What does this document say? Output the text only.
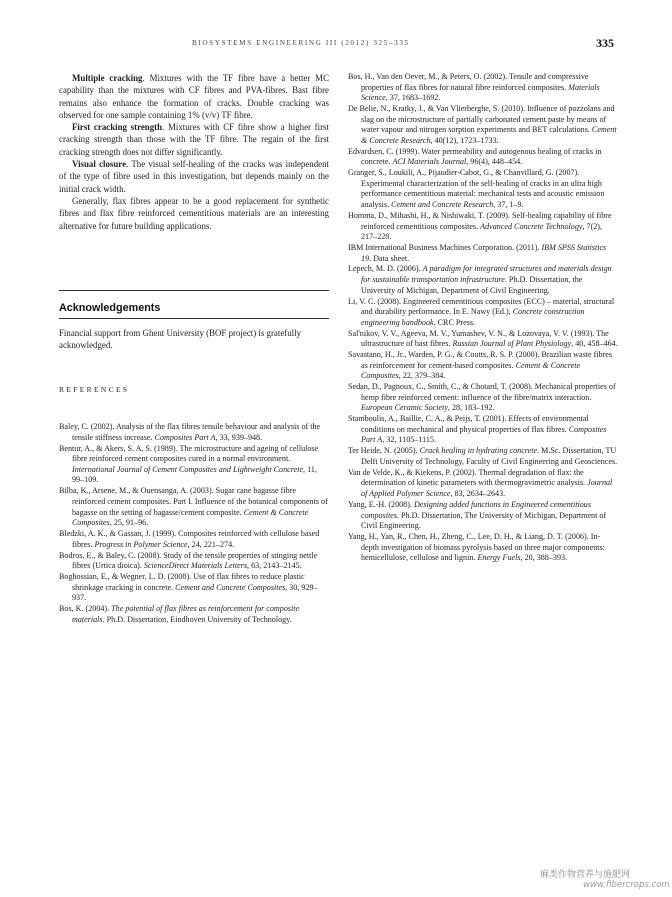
BIOSYSTEMS ENGINEERING III (2012) 325–335	335

Multiple cracking. Mixtures with the TF fibre have a better MC capability than the mixtures with CF fibres and PVA-fibres. Bast fibre remains also enhance the formation of cracks. Double cracking was observed for one sample containing 1% (v/v) TF fibre.

First cracking strength. Mixtures with CF fibre show a higher first cracking strength than those with the TF fibre. The regain of the first cracking strength does not differ significantly.

Visual closure. The visual self-healing of the cracks was independent of the type of fibre used in this investigation, but depends mainly on the initial crack width.

Generally, flax fibres appear to be a good replacement for synthetic fibres and flax fibre reinforced cementitious materials are an interesting alternative for future building applications.

Acknowledgements

Financial support from Ghent University (BOF project) is gratefully acknowledged.

REFERENCES

Baley, C. (2002). Analysis of the flax fibres tensile behaviour and analysis of the tensile stiffness increase. Composites Part A, 33, 939–948.

Bentur, A., & Akers, S. A. S. (1989). The microstructure and ageing of cellulose fibre reinforced cement composites cured in a normal environment. International Journal of Cement Composites and Lightweight Concrete, 11, 99–109.

Bilba, K., Arsene, M., & Ouensanga, A. (2003). Sugar cane bagasse fibre reinforced cement composites. Part I. Influence of the botanical components of bagasse on the setting of bagasse/cement composite. Cement & Concrete Composites, 25, 91–96.

Bledzki, A. K., & Gassan, J. (1999). Composites reinforced with cellulose based fibres. Progress in Polymer Science, 24, 221–274.

Bodros, E., & Baley, C. (2008). Study of the tensile properties of stinging nettle fibres (Urtica dioica). ScienceDirect Materials Letters, 63, 2143–2145.

Boghossian, E., & Wegner, L. D. (2008). Use of flax fibres to reduce plastic shrinkage cracking in concrete. Cement and Concrete Composites, 30, 929–937.

Bos, K. (2004). The potential of flax fibres as reinforcement for composite materials. Ph.D. Dissertation, Eindhoven University of Technology.

Bos, H., Van den Oever, M., & Peters, O. (2002). Tensile and compressive properties of flax fibres for natural fibre reinforced composites. Materials Science, 37, 1683–1692.

De Belie, N., Kratky, J., & Van Vlierberghe, S. (2010). Influence of pozzolans and slag on the microstructure of partially carbonated cement paste by means of water vapour and nitrogen sorption experiments and BET calculations. Cement & Concrete Research, 40(12), 1723–1733.

Edvardsen, C. (1999). Water permeability and autogenous healing of cracks in concrete. ACI Materials Journal, 96(4), 448–454.

Granger, S., Loukili, A., Pijaudier-Cabot, G., & Chanvillard, G. (2007). Experimental characterization of the self-healing of cracks in an ultra high performance cementitious material: mechanical tests and acoustic emission analysis. Cement and Concrete Research, 37, 1–9.

Homma, D., Mihashi, H., & Nishiwaki, T. (2009). Self-healing capability of fibre reinforced cementitious composites. Advanced Concrete Technology, 7(2), 217–228.

IBM International Business Machines Corporation. (2011). IBM SPSS Statistics 19. Data sheet.

Lepech, M. D. (2006). A paradigm for integrated structures and materials design for sustainable transportation infrastructure. Ph.D. Dissertation, the University of Michigan, Department of Civil Engineering.

Li, V. C. (2008). Engineered cementitious composites (ECC) – material, structural and durability performance. In E. Nawy (Ed.), Concrete construction engineering handbook. CRC Press.

Sal'nikov, V. V., Ageeva, M. V., Yumashev, V. N., & Lozovaya, V. V. (1993). The ultrastructure of bast fibres. Russian Journal of Plant Physiology, 40, 458–464.

Savastano, H., Jr., Warden, P. G., & Coutts, R. S. P. (2000). Brazilian waste fibres as reinforcement for cement-based composites. Cement & Concrete Composites, 22, 379–384.

Sedan, D., Pagnoux, C., Smith, C., & Chotard, T. (2008). Mechanical properties of hemp fibre reinforced cement: influence of the fibre/matrix interaction. European Ceramic Society, 28, 183–192.

Stamboulis, A., Baillie, C. A., & Peijs, T. (2001). Effects of environmental conditions on mechanical and physical properties of flax fibres. Composites Part A, 32, 1105–1115.

Ter Heide, N. (2005). Crack healing in hydrating concrete. M.Sc. Dissertation, TU Delft University of Technology, Faculty of Civil Engineering and Geosciences.

Van de Velde, K., & Kiekens, P. (2002). Thermal degradation of flax: the determination of kinetic parameters with thermogravimetric analysis. Journal of Applied Polymer Science, 83, 2634–2643.

Yang, E.-H. (2008). Designing added functions in Engineered cementitious composites. Ph.D. Dissertation, The University of Michigan, Department of Civil Engineering.

Yang, H., Yan, R., Chen, H., Zheng, C., Lee, D. H., & Liang, D. T. (2006). In-depth investigation of biomass pyrolysis based on three major components: hemicellulose, cellulose and lignin. Energy Fuels, 20, 388–393.

麻类作物营养与施肥网
www.fibercrops.com
